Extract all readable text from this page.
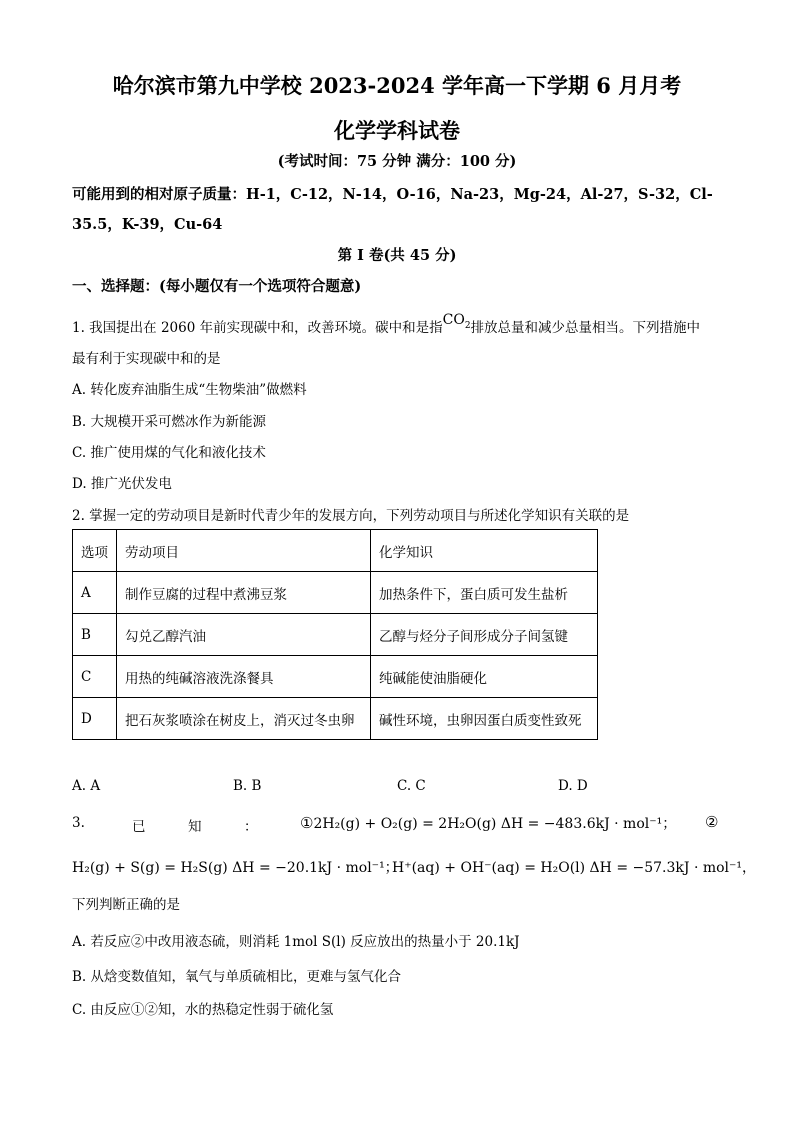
哈尔滨市第九中学校 2023-2024 学年高一下学期 6 月月考
化学学科试卷
(考试时间：75 分钟 满分：100 分)
可能用到的相对原子质量：H-1，C-12，N-14，O-16，Na-23，Mg-24，Al-27，S-32，Cl-
35.5，K-39，Cu-64
第 I 卷(共 45 分)
一、选择题：(每小题仅有一个选项符合题意)
1. 我国提出在 2060 年前实现碳中和，改善环境。碳中和是指$CO_2$排放总量和减少总量相当。下列措施中
最有利于实现碳中和的是
A. 转化废弃油脂生成“生物柴油”做燃料
B. 大规模开采可燃冰作为新能源
C. 推广使用煤的气化和液化技术
D. 推广光伏发电
2. 掌握一定的劳动项目是新时代青少年的发展方向，下列劳动项目与所述化学知识有关联的是
选项	劳动项目	化学知识
A	制作豆腐的过程中煮沸豆浆	加热条件下，蛋白质可发生盐析
B	勾兑乙醇汽油	乙醇与烃分子间形成分子间氢键
C	用热的纯碱溶液洗涤餐具	纯碱能使油脂硬化
D	把石灰浆喷涂在树皮上，消灭过冬虫卵	碱性环境，虫卵因蛋白质变性致死
A. A	B. B	C. C	D. D
3.	已	知	：	①2H₂(g) + O₂(g) = 2H₂O(g) ΔH = −483.6kJ · mol⁻¹； ②
H₂(g) + S(g) = H₂S(g) ΔH = −20.1kJ · mol⁻¹；
H⁺(aq) + OH⁻(aq) = H₂O(l) ΔH = −57.3kJ · mol⁻¹，
下列判断正确的是
A. 若反应②中改用液态硫，则消耗 1mol S(l) 反应放出的热量小于 20.1kJ
B. 从焓变数值知，氧气与单质硫相比，更难与氢气化合
C. 由反应①②知，水的热稳定性弱于硫化氢
